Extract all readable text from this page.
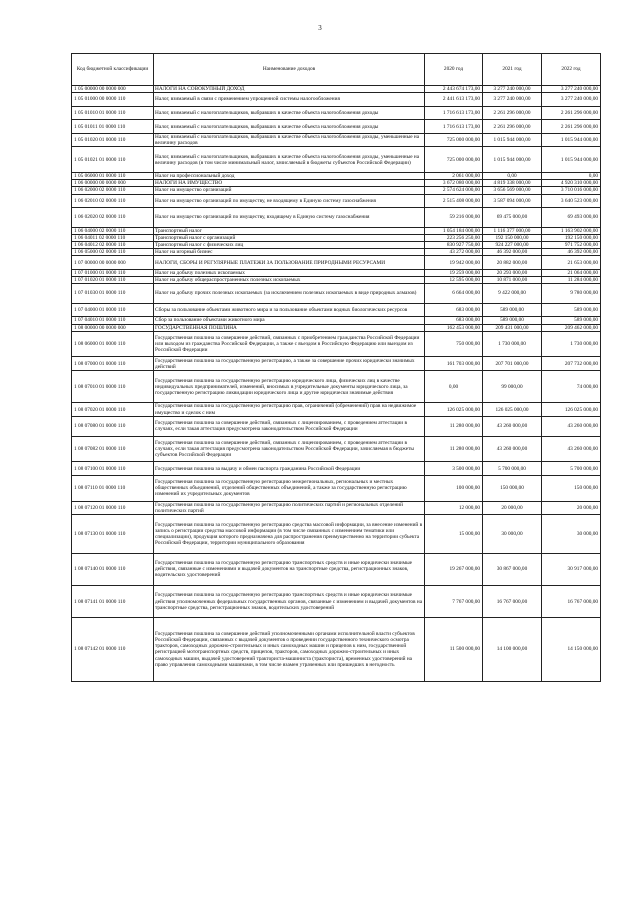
3
Код бюджетной классификации	Наименование доходов	2020 год	2021 год	2022 год
1 05 00000 00 0000 000	НАЛОГИ НА СОВОКУПНЫЙ ДОХОД	2 443 674 173,00	3 277 240 000,00	3 277 240 000,00
1 05 01000 00 0000 110	Налог, взимаемый в связи с применением упрощенной системы налогообложения	2 441 613 173,00	3 277 240 000,00	3 277 240 000,00
1 05 01010 01 0000 110	Налог, взимаемый с налогоплательщиков, выбравших в качестве объекта налогообложения доходы	1 716 613 173,00	2 261 296 000,00	2 261 296 000,00
1 05 01011 01 0000 110	Налог, взимаемый с налогоплательщиков, выбравших в качестве объекта налогообложения доходы	1 716 613 173,00	2 261 296 000,00	2 261 296 000,00
1 05 01020 01 0000 110	Налог, взимаемый с налогоплательщиков, выбравших в качестве объекта налогообложения доходы, уменьшенные на величину расходов	725 000 000,00	1 015 944 000,00	1 015 944 000,00
1 05 01021 01 0000 110	Налог, взимаемый с налогоплательщиков, выбравших в качестве объекта налогообложения доходы, уменьшенные на величину расходов (в том числе минимальный налог, зачисляемый в бюджеты субъектов Российской Федерации)	725 000 000,00	1 015 944 000,00	1 015 944 000,00
1 05 06000 01 0000 110	Налог на профессиональный доход	2 061 000,00	0,00	0,00
1 06 00000 00 0000 000	НАЛОГИ НА ИМУЩЕСТВО	3 672 080 000,00	4 819 338 000,00	4 920 310 000,00
1 06 02000 02 0000 110	Налог на имущество организаций	2 574 624 000,00	3 656 569 000,00	3 710 016 000,00
1 06 02010 02 0000 110	Налог на имущество организаций по имуществу, не входящему в Единую систему газоснабжения	2 515 408 000,00	3 587 094 000,00	3 640 523 000,00
1 06 02020 02 0000 110	Налог на имущество организаций по имуществу, входящему в Единую систему газоснабжения	59 216 000,00	69 475 000,00	69 493 000,00
1 06 04000 02 0000 110	Транспортный налог	1 054 184 000,00	1 116 377 000,00	1 163 902 000,00
1 06 04011 02 0000 110	Транспортный налог с организаций	223 256 250,00	192 150 000,00	192 150 000,00
1 06 04012 02 0000 110	Транспортный налог с физических лиц	830 927 750,00	924 227 000,00	971 752 000,00
1 06 05000 02 0000 110	Налог на игорный бизнес	43 272 000,00	46 392 000,00	46 392 000,00
1 07 00000 00 0000 000	НАЛОГИ, СБОРЫ И РЕГУЛЯРНЫЕ ПЛАТЕЖИ ЗА ПОЛЬЗОВАНИЕ ПРИРОДНЫМИ РЕСУРСАМИ	19 942 000,00	20 882 000,00	21 653 000,00
1 07 01000 01 0000 110	Налог на добычу полезных ископаемых	19 259 000,00	20 293 000,00	21 064 000,00
1 07 01020 01 0000 110	Налог на добычу общераспространенных полезных ископаемых	12 595 000,00	10 871 000,00	11 284 000,00
1 07 01030 01 0000 110	Налог на добычу прочих полезных ископаемых (за исключением полезных ископаемых в виде природных алмазов)	6 664 000,00	9 422 000,00	9 780 000,00
1 07 04000 01 0000 110	Сборы за пользование объектами животного мира и за пользование объектами водных биологических ресурсов	683 000,00	589 000,00	589 000,00
1 07 04010 01 0000 110	Сбор за пользование объектами животного мира	683 000,00	589 000,00	589 000,00
1 08 00000 00 0000 000	ГОСУДАРСТВЕННАЯ ПОШЛИНА	162 453 000,00	209 431 000,00	209 462 000,00
1 08 06000 01 0000 110	Государственная пошлина за совершение действий, связанных с приобретением гражданства Российской Федерации или выходом из гражданства Российской Федерации, а также с въездом в Российскую Федерацию или выездом из Российской Федерации	750 000,00	1 730 000,00	1 730 000,00
1 08 07000 01 0000 110	Государственная пошлина за государственную регистрацию, а также за совершение прочих юридически значимых действий	161 703 000,00	207 701 000,00	207 732 000,00
1 08 07010 01 0000 110	Государственная пошлина за государственную регистрацию юридического лица, физических лиц в качестве индивидуальных предпринимателей, изменений, вносимых в учредительные документы юридического лица, за государственную регистрацию ликвидации юридического лица и другие юридически значимые действия	0,00	99 000,00	74 000,00
1 08 07020 01 0000 110	Государственная пошлина за государственную регистрацию прав, ограничений (обременений) прав на недвижимое имущество и сделок с ним	126 025 000,00	126 025 000,00	126 025 000,00
1 08 07080 01 0000 110	Государственная пошлина за совершение действий, связанных с лицензированием, с проведением аттестации в случаях, если такая аттестация предусмотрена законодательством Российской Федерации	11 280 000,00	43 260 000,00	43 260 000,00
1 08 07082 01 0000 110	Государственная пошлина за совершение действий, связанных с лицензированием, с проведением аттестации в случаях, если такая аттестация предусмотрена законодательством Российской Федерации, зачисляемая в бюджеты субъектов Российской Федерации	11 280 000,00	43 260 000,00	43 260 000,00
1 08 07100 01 0000 110	Государственная пошлина за выдачу и обмен паспорта гражданина Российской Федерации	3 500 000,00	5 700 000,00	5 700 000,00
1 08 07110 01 0000 110	Государственная пошлина за государственную регистрацию межрегиональных, региональных и местных общественных объединений, отделений общественных объединений, а также за государственную регистрацию изменений их учредительных документов	100 000,00	150 000,00	150 000,00
1 08 07120 01 0000 110	Государственная пошлина за государственную регистрацию политических партий и региональных отделений политических партий	12 000,00	20 000,00	20 000,00
1 08 07130 01 0000 110	Государственная пошлина за государственную регистрацию средства массовой информации, за внесение изменений в запись о регистрации средства массовой информации (в том числе связанных с изменением тематики или специализации), продукция которого предназначена для распространения преимущественно на территории субъекта Российской Федерации, территории муниципального образования	15 000,00	30 000,00	30 000,00
1 08 07140 01 0000 110	Государственная пошлина за государственную регистрацию транспортных средств и иные юридически значимые действия, связанные с изменениями и выдачей документов на транспортные средства, регистрационных знаков, водительских удостоверений	19 267 000,00	30 867 000,00	30 917 000,00
1 08 07141 01 0000 110	Государственная пошлина за государственную регистрацию транспортных средств и иные юридически значимые действия уполномоченных федеральных государственных органов, связанные с изменением и выдачей документов на транспортные средства, регистрационных знаков, водительских удостоверений	7 767 000,00	16 767 000,00	16 767 000,00
1 08 07142 01 0000 110	Государственная пошлина за совершение действий уполномоченными органами исполнительной власти субъектов Российской Федерации, связанных с выдачей документов о проведении государственного технического осмотра тракторов, самоходных дорожно-строительных и иных самоходных машин и прицепов к ним, государственной регистрацией мототранспортных средств, прицепов, тракторов, самоходных дорожно-строительных и иных самоходных машин, выдачей удостоверений тракториста-машиниста (тракториста), временных удостоверений на право управления самоходными машинами, в том числе взамен утраченных или пришедших в негодность	11 500 000,00	14 100 000,00	14 150 000,00
